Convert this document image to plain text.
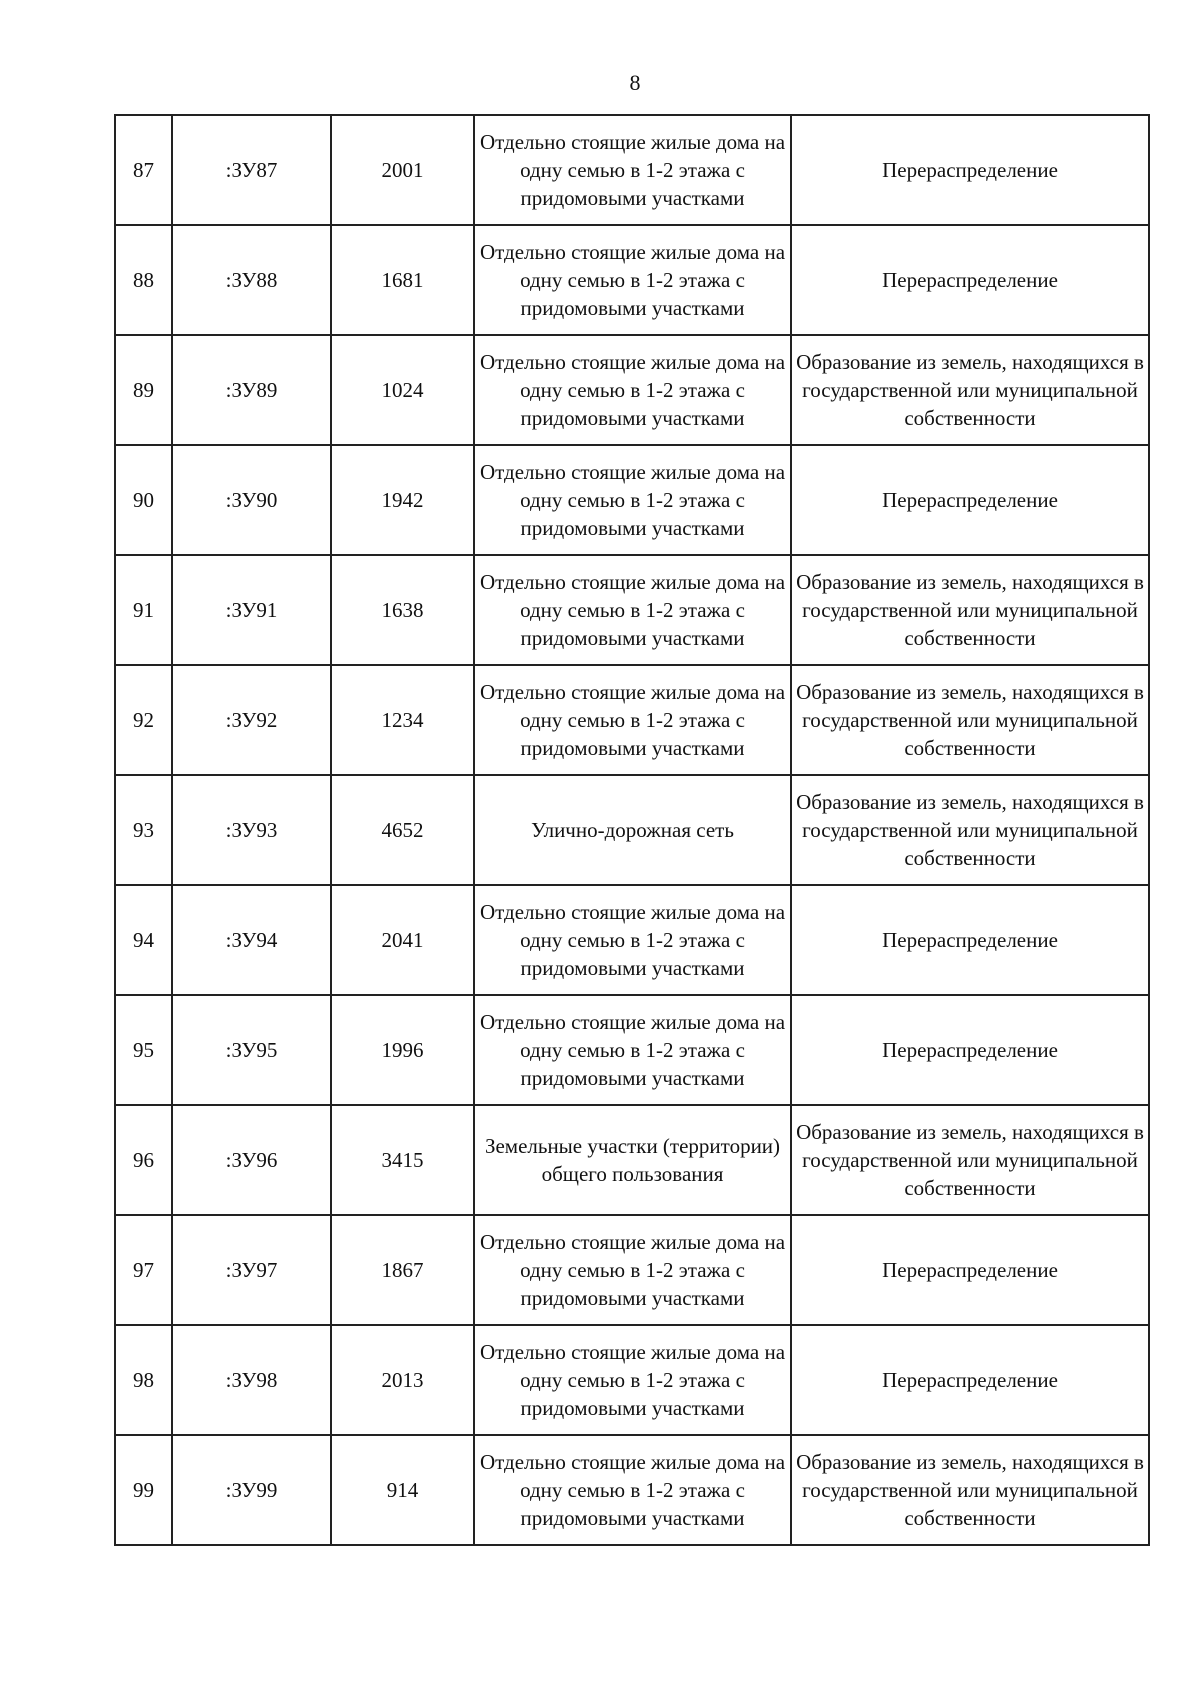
8
87	:ЗУ87	2001	Отдельно стоящие жилые дома на одну семью в 1-2 этажа с придомовыми участками	Перераспределение
88	:ЗУ88	1681	Отдельно стоящие жилые дома на одну семью в 1-2 этажа с придомовыми участками	Перераспределение
89	:ЗУ89	1024	Отдельно стоящие жилые дома на одну семью в 1-2 этажа с придомовыми участками	Образование из земель, находящихся в государственной или муниципальной собственности
90	:ЗУ90	1942	Отдельно стоящие жилые дома на одну семью в 1-2 этажа с придомовыми участками	Перераспределение
91	:ЗУ91	1638	Отдельно стоящие жилые дома на одну семью в 1-2 этажа с придомовыми участками	Образование из земель, находящихся в государственной или муниципальной собственности
92	:ЗУ92	1234	Отдельно стоящие жилые дома на одну семью в 1-2 этажа с придомовыми участками	Образование из земель, находящихся в государственной или муниципальной собственности
93	:ЗУ93	4652	Улично-дорожная сеть	Образование из земель, находящихся в государственной или муниципальной собственности
94	:ЗУ94	2041	Отдельно стоящие жилые дома на одну семью в 1-2 этажа с придомовыми участками	Перераспределение
95	:ЗУ95	1996	Отдельно стоящие жилые дома на одну семью в 1-2 этажа с придомовыми участками	Перераспределение
96	:ЗУ96	3415	Земельные участки (территории) общего пользования	Образование из земель, находящихся в государственной или муниципальной собственности
97	:ЗУ97	1867	Отдельно стоящие жилые дома на одну семью в 1-2 этажа с придомовыми участками	Перераспределение
98	:ЗУ98	2013	Отдельно стоящие жилые дома на одну семью в 1-2 этажа с придомовыми участками	Перераспределение
99	:ЗУ99	914	Отдельно стоящие жилые дома на одну семью в 1-2 этажа с придомовыми участками	Образование из земель, находящихся в государственной или муниципальной собственности
